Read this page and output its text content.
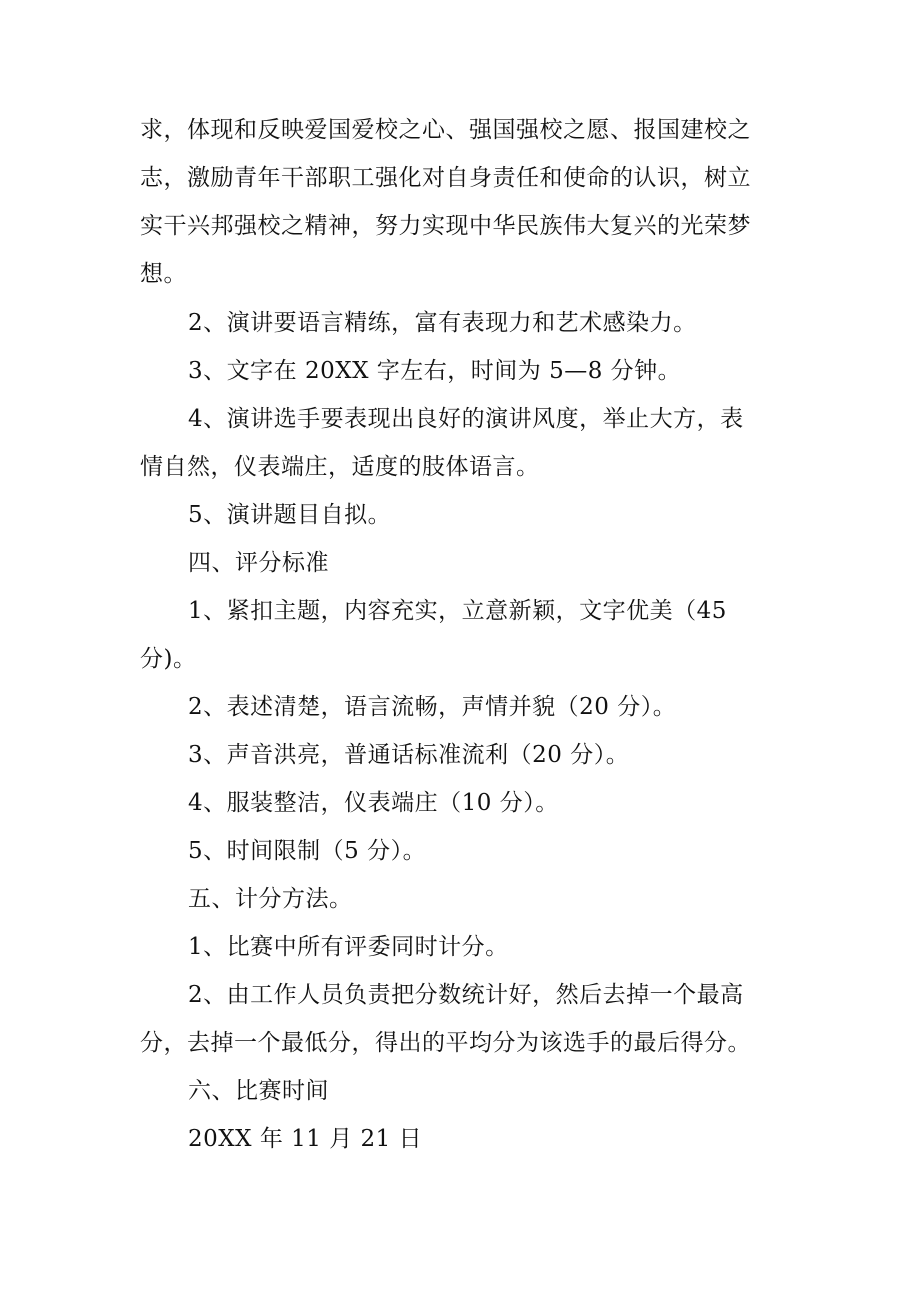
求，体现和反映爱国爱校之心、强国强校之愿、报国建校之
志，激励青年干部职工强化对自身责任和使命的认识，树立
实干兴邦强校之精神，努力实现中华民族伟大复兴的光荣梦
想。
2、演讲要语言精练，富有表现力和艺术感染力。
3、文字在 20XX 字左右，时间为 5—8 分钟。
4、演讲选手要表现出良好的演讲风度，举止大方，表
情自然，仪表端庄，适度的肢体语言。
5、演讲题目自拟。
四、评分标准
1、紧扣主题，内容充实，立意新颖，文字优美（45
分)。
2、表述清楚，语言流畅，声情并貌（20 分）。
3、声音洪亮，普通话标准流利（20 分）。
4、服装整洁，仪表端庄（10 分）。
5、时间限制（5 分）。
五、计分方法。
1、比赛中所有评委同时计分。
2、由工作人员负责把分数统计好，然后去掉一个最高
分，去掉一个最低分，得出的平均分为该选手的最后得分。
六、比赛时间
20XX 年 11 月 21 日
